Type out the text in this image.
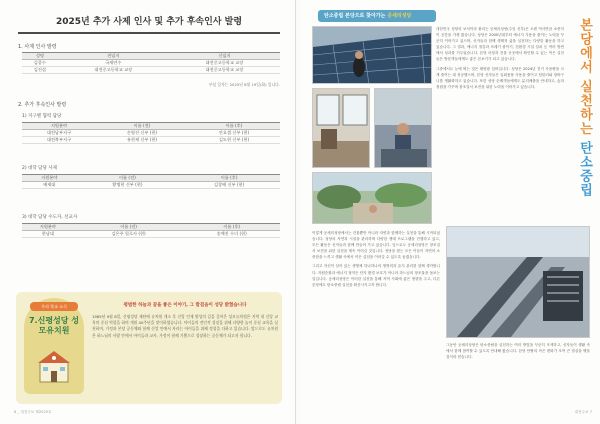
2025년 추가 사제 인사 및 추가 후속인사 발령
1. 사제 인사 발령
성명	전임지	신임지
김종수	국제연수	대전중고등학교 교장
김진섭	대전중고등학교 교장	대전중고등학교 교장
부임 일자는 2025년 8월 19일(화) 입니다.
2. 추가 후속인사 발령
1) 지구별 협력 담당
지원분야	이름 (전)	이름 (후)
대전남부지구	손영진 신부 (현)	안요셉 신부 (현)
대전북부지구	유현제 신부 (현)	김도현 신부 (현)
2) 대학 담당 사제
지원분야	이름 (전)	이름 (후)
배재대	황병현 신부 (현)	김창배 신부 (현)
3) 대학 담당 수도자, 선교사
지원분야	이름 (전)	이름 (후)
한남대	김은주 힐로사 (현)	송예진 수녀 (현)
우리 학교 소식
7.신평성당 성모유치원
평범한 하늘과 꿈을 좋은 이야기, 그 발걸음이 성당 밝혔습니다
1985년 9월 8일, 신평성당 재단에 유치원 개소 후 신앙 인재 양성의 길을 걸어온 성모유치원은 지역 내 신앙 교육의 중심 역할을 하며 개원 40주년을 맞이하였습니다. 아이들의 전인적 성장을 위해 다양한 놀이 중심 교육을 실천하며, 가정과 본당 공동체와 함께 신앙 안에서 자라는 아이들을 위해 정성을 다하고 있습니다. 앞으로도 유치원은 하느님의 사랑 안에서 아이들과 교사, 가정이 함께 기쁨으로 성장하는 공동체가 되고자 합니다.
6 _ 대전주보 제2025호
탄소중립 본당으로 찾아가는 공세리성당

대한민국 성당의 보석이라 불리는 공세리성당(주임 신부)은 오랜 역사만큼 소중히 이 공간을 가꿔 왔습니다. 성당은 2000년대부터 에너지 사용을 줄이는 노력을 꾸준히 이어가고 있으며, 신자들과 함께 생태적 삶을 실천하는 다양한 활동을 하고 있습니다. 그 결과, 에너지 절감과 쓰레기 줄이기, 친환경 시설 설치 등 여러 방면에서 성과를 거두었습니다. 본당 마당과 건물 곳곳에서 확인할 수 있는 작은 실천들은 방문객들에게도 좋은 본보기가 되고 있습니다.

그중에서도 눈에 띄는 것은 태양광 설비입니다. 성당은 2024년 전기 사용량을 크게 줄이는 데 성공했으며, 본당 신자들은 일회용품 사용을 줄이고 텀블러와 장바구니를 생활화하고 있습니다. 또한 성당 순례객들에게도 분리배출을 안내하고, 숲과 정원을 가꾸며 창조질서 보전을 위한 노력을 이어가고 있습니다.	본당에서 실천하는 탄소중립

이렇게 공세리성당에서는 건물뿐만 아니라 자연과 함께하는 실천을 통해 시작되었습니다. 성당의 자연과 시설을 관리하며 다양한 생태 프로그램을 진행하고 있고, 모든 활동은 신자들과 함께 만들어 가고 있습니다. 앞으로도 공세리성당은 창조질서 보전을 위한 실천을 계속 이어갈 것입니다. 성당을 찾는 모든 이들이 자연의 소중함을 느끼고 생활 속에서 작은 실천을 이어갈 수 있도록 돕겠습니다.

그리고 자신이 살아 있는 생명체 하나하나의 생명력과 유지 관리를 함께 생각합니다. 자원순환과 에너지 절약은 단지 환경 보호가 아니라 하느님의 창조물을 돌보는 일입니다. 공세리성당은 이러한 실천을 통해 지역 사회에 좋은 영향을 주고, 다른 본당에도 탄소중립 실천을 확산시키고자 합니다.

그동안 공세리성당은 탄소중립을 실천하는 여러 방법을 꾸준히 모색하고, 신자들이 생활 속에서 함께 참여할 수 있도록 안내해 왔습니다. 본당 안팎의 작은 변화가 모여 큰 결실을 맺을 것이라 믿습니다.

대전주보 7
